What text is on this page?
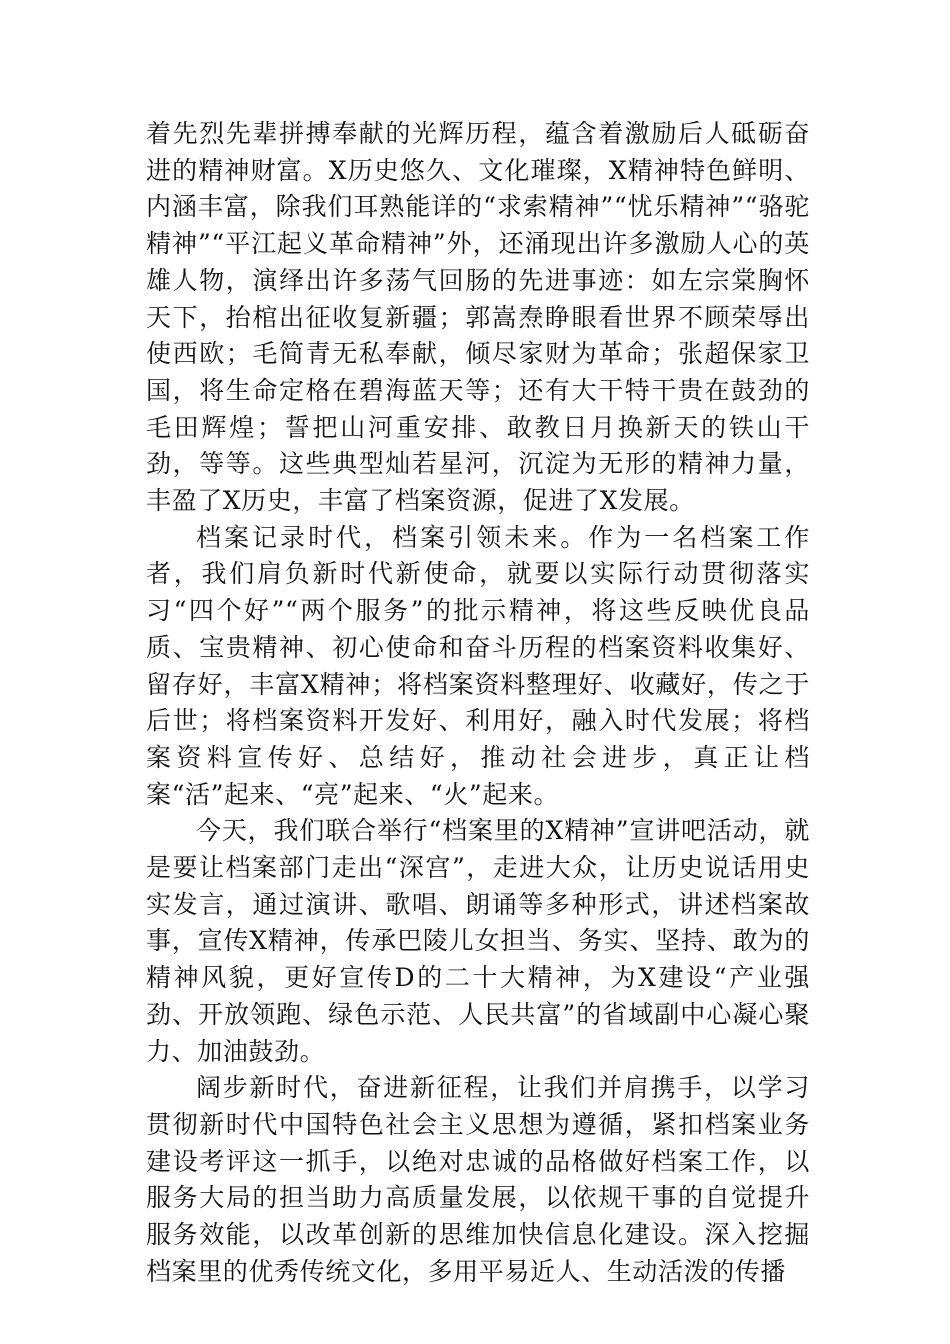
着先烈先辈拼搏奉献的光辉历程，蕴含着激励后人砥砺奋进的精神财富。X历史悠久、文化璀璨，X精神特色鲜明、内涵丰富，除我们耳熟能详的“求索精神”“忧乐精神”“骆驼精神”“平江起义革命精神”外，还涌现出许多激励人心的英雄人物，演绎出许多荡气回肠的先进事迹：如左宗棠胸怀天下，抬棺出征收复新疆；郭嵩焘睁眼看世界不顾荣辱出使西欧；毛简青无私奉献，倾尽家财为革命；张超保家卫国，将生命定格在碧海蓝天等；还有大干特干贵在鼓劲的毛田辉煌；誓把山河重安排、敢教日月换新天的铁山干劲，等等。这些典型灿若星河，沉淀为无形的精神力量，丰盈了X历史，丰富了档案资源，促进了X发展。

档案记录时代，档案引领未来。作为一名档案工作者，我们肩负新时代新使命，就要以实际行动贯彻落实习“四个好”“两个服务”的批示精神，将这些反映优良品质、宝贵精神、初心使命和奋斗历程的档案资料收集好、留存好，丰富X精神；将档案资料整理好、收藏好，传之于后世；将档案资料开发好、利用好，融入时代发展；将档案资料宣传好、总结好，推动社会进步，真正让档案“活”起来、“亮”起来、“火”起来。

今天，我们联合举行“档案里的X精神”宣讲吧活动，就是要让档案部门走出“深宫”，走进大众，让历史说话用史实发言，通过演讲、歌唱、朗诵等多种形式，讲述档案故事，宣传X精神，传承巴陵儿女担当、务实、坚持、敢为的精神风貌，更好宣传D的二十大精神，为X建设“产业强劲、开放领跑、绿色示范、人民共富”的省域副中心凝心聚力、加油鼓劲。

阔步新时代，奋进新征程，让我们并肩携手，以学习贯彻新时代中国特色社会主义思想为遵循，紧扣档案业务建设考评这一抓手，以绝对忠诚的品格做好档案工作，以服务大局的担当助力高质量发展，以依规干事的自觉提升服务效能，以改革创新的思维加快信息化建设。深入挖掘档案里的优秀传统文化，多用平易近人、生动活泼的传播
